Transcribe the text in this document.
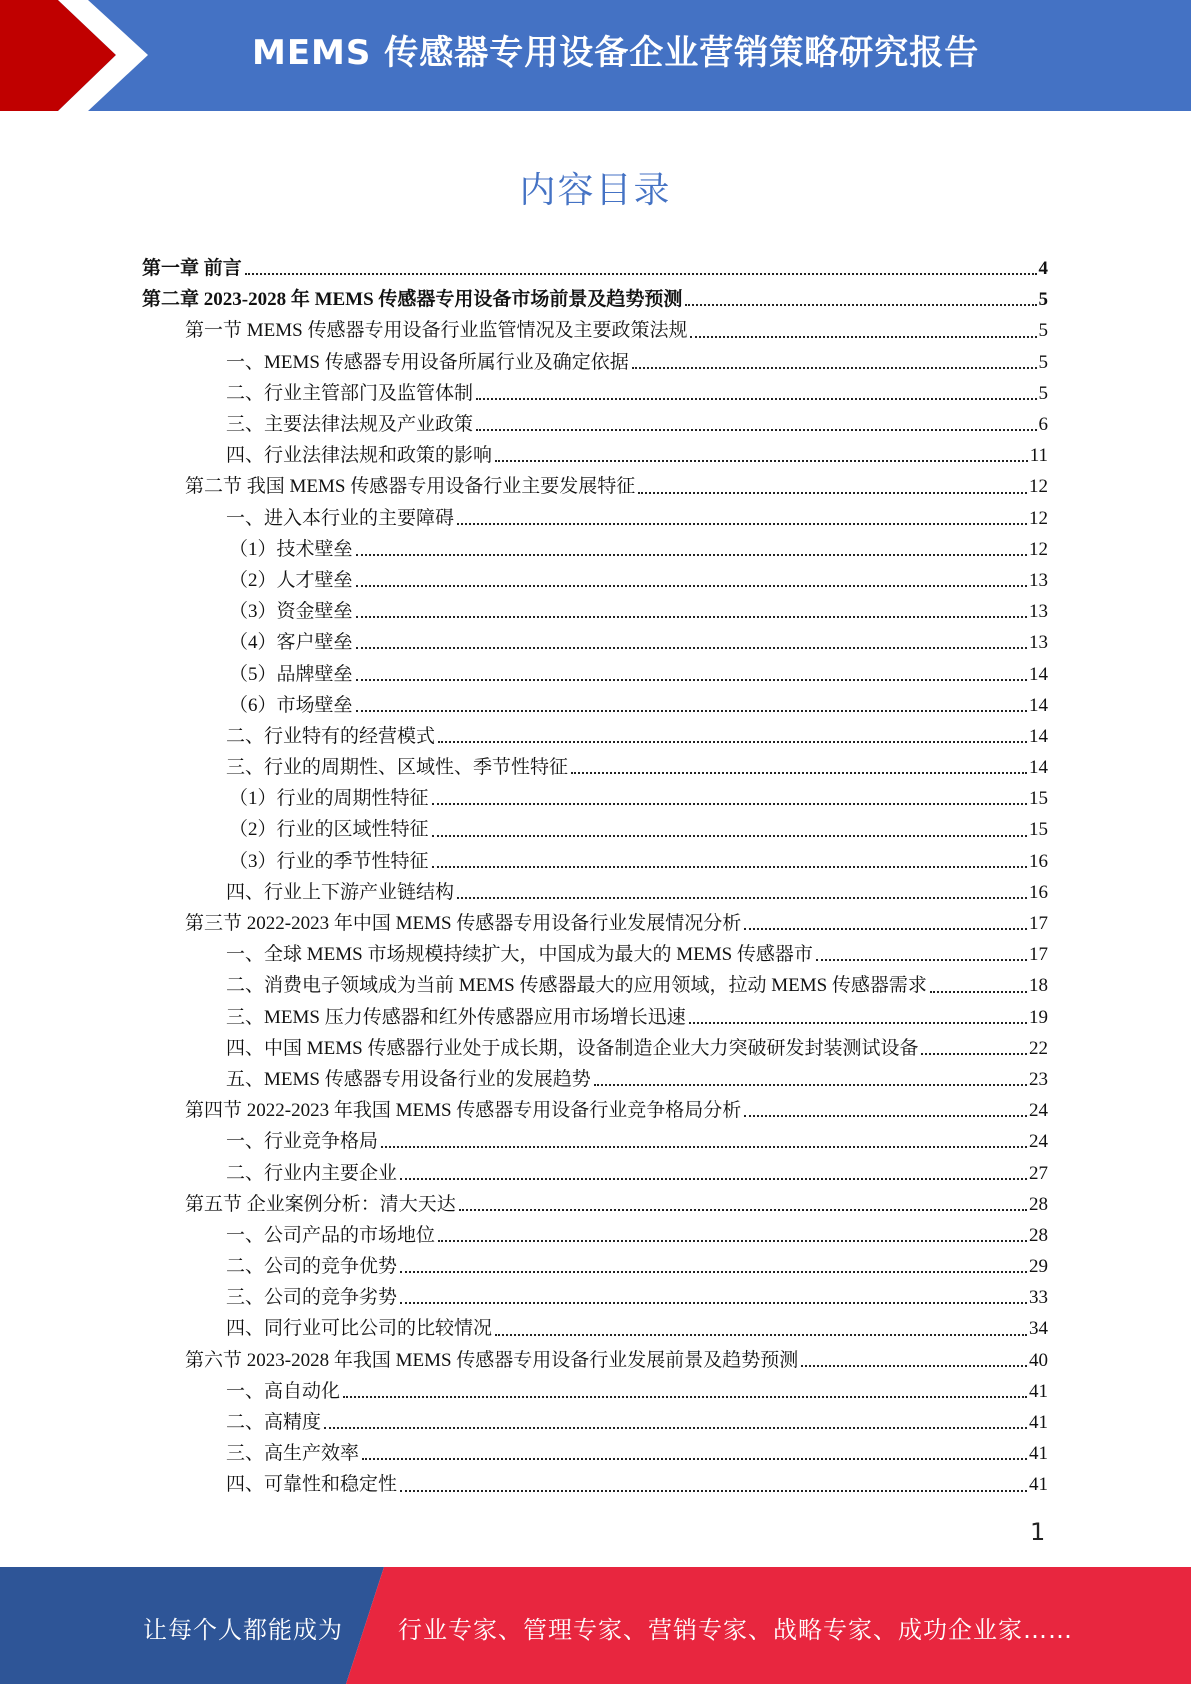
MEMS 传感器专用设备企业营销策略研究报告
内容目录
第一章 前言	4
第二章 2023-2028 年 MEMS 传感器专用设备市场前景及趋势预测	5
第一节 MEMS 传感器专用设备行业监管情况及主要政策法规	5
一、MEMS 传感器专用设备所属行业及确定依据	5
二、行业主管部门及监管体制	5
三、主要法律法规及产业政策	6
四、行业法律法规和政策的影响	11
第二节 我国 MEMS 传感器专用设备行业主要发展特征	12
一、进入本行业的主要障碍	12
（1）技术壁垒	12
（2）人才壁垒	13
（3）资金壁垒	13
（4）客户壁垒	13
（5）品牌壁垒	14
（6）市场壁垒	14
二、行业特有的经营模式	14
三、行业的周期性、区域性、季节性特征	14
（1）行业的周期性特征	15
（2）行业的区域性特征	15
（3）行业的季节性特征	16
四、行业上下游产业链结构	16
第三节 2022-2023 年中国 MEMS 传感器专用设备行业发展情况分析	17
一、全球 MEMS 市场规模持续扩大，中国成为最大的 MEMS 传感器市	17
二、消费电子领域成为当前 MEMS 传感器最大的应用领域，拉动 MEMS 传感器需求	18
三、MEMS 压力传感器和红外传感器应用市场增长迅速	19
四、中国 MEMS 传感器行业处于成长期，设备制造企业大力突破研发封装测试设备	22
五、MEMS 传感器专用设备行业的发展趋势	23
第四节 2022-2023 年我国 MEMS 传感器专用设备行业竞争格局分析	24
一、行业竞争格局	24
二、行业内主要企业	27
第五节 企业案例分析：清大天达	28
一、公司产品的市场地位	28
二、公司的竞争优势	29
三、公司的竞争劣势	33
四、同行业可比公司的比较情况	34
第六节 2023-2028 年我国 MEMS 传感器专用设备行业发展前景及趋势预测	40
一、高自动化	41
二、高精度	41
三、高生产效率	41
四、可靠性和稳定性	41
1
让每个人都能成为 行业专家、管理专家、营销专家、战略专家、成功企业家……
